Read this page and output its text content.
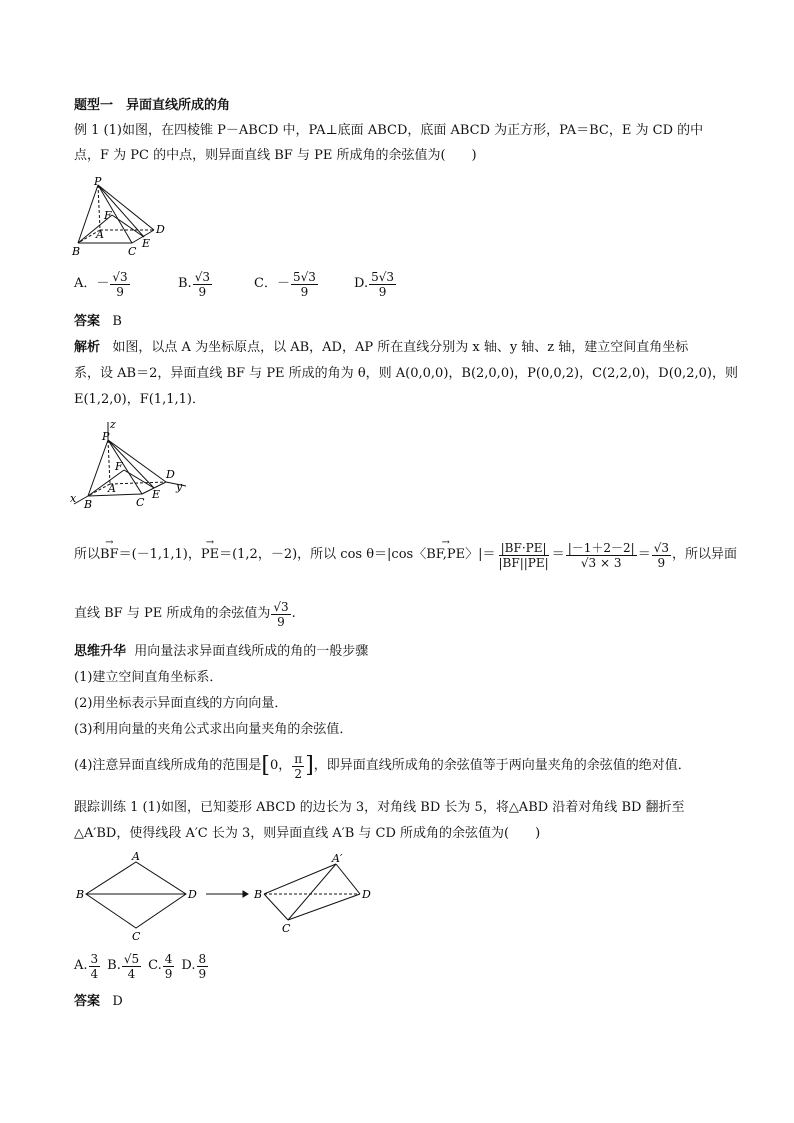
题型一　异面直线所成的角
例 1 (1)如图，在四棱锥 P－ABCD 中，PA⊥底面 ABCD，底面 ABCD 为正方形，PA＝BC，E 为 CD 的中
点，F 为 PC 的中点，则异面直线 BF 与 PE 所成角的余弦值为(　　)
P
F
A
B	C
D
E
A．－ $\frac{√3}{9}$	B. $\frac{√3}{9}$	C．－ $\frac{5√3}{9}$	D. $\frac{5√3}{9}$
答案 B
解析 如图，以点 A 为坐标原点，以 AB，AD，AP 所在直线分别为 x 轴、y 轴、z 轴，建立空间直角坐标
系，设 AB＝2，异面直线 BF 与 PE 所成的角为 θ，则 A(0,0,0)，B(2,0,0)，P(0,0,2)，C(2,2,0)，D(0,2,0)，则
E(1,2,0)，F(1,1,1)．
z
P
F
A
x B	C
D
E
y
所以 → BF ＝(－1,1,1)， → PE ＝(1,2，－2)，所以 cos θ＝|cos〈 → BF,PE 〉|＝ $\frac{|BF\cdot PE|}{|BF||PE|} = \frac{|-1+2-2|}{√3 \times 3} = \frac{√3}{9}$ ，所以异面
直线 BF 与 PE 所成角的余弦值为 $\frac{√3}{9}$ .
思维升华 用向量法求异面直线所成的角的一般步骤
(1)建立空间直角坐标系．
(2)用坐标表示异面直线的方向向量．
(3)利用向量的夹角公式求出向量夹角的余弦值．
(4)注意异面直线所成角的范围是 [ 0， $\frac{\pi}{2}$ ] ，即异面直线所成角的余弦值等于两向量夹角的余弦值的绝对值．
跟踪训练 1 (1)如图，已知菱形 ABCD 的边长为 3，对角线 BD 长为 5，将△ABD 沿着对角线 BD 翻折至
△A′BD，使得线段 A′C 长为 3，则异面直线 A′B 与 CD 所成角的余弦值为(　　)
A
B	D
C
B
A′
D
C
A. $\frac{3}{4} B$. $\frac{√5}{4} C$. $\frac{4}{9} D$. $\frac{8}{9}$
答案 D
